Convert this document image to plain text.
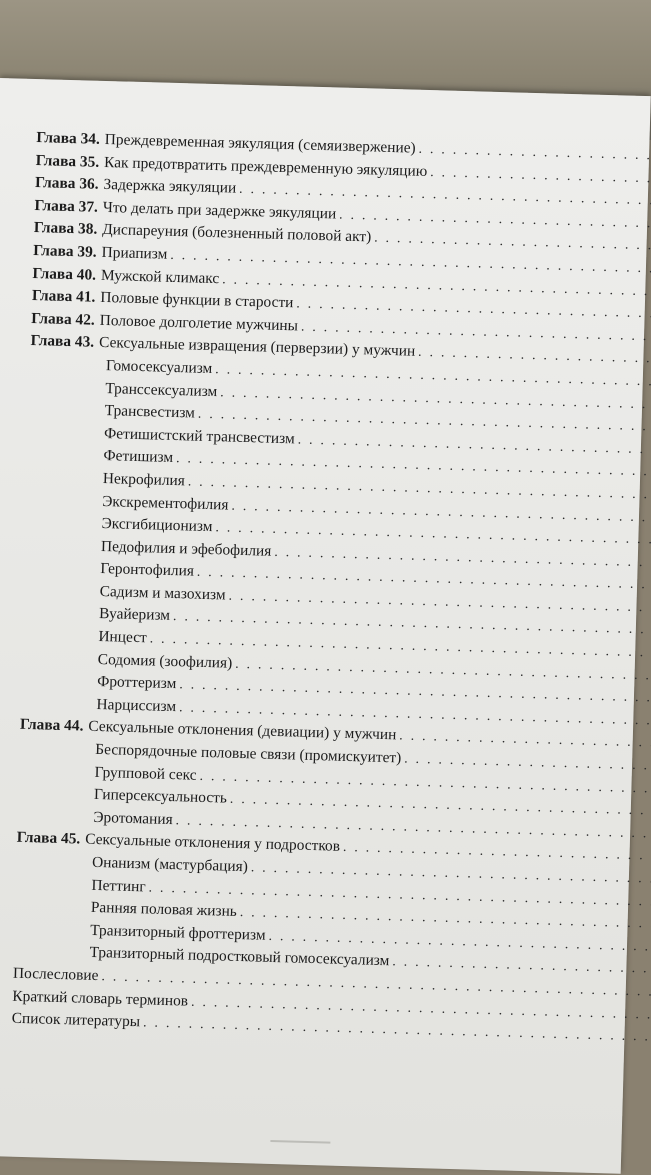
Глава 34. Преждевременная эякуляция (семяизвержение)
. . .
Глава 35. Как предотвратить преждевременную эякуляцию
. . .
Глава 36. Задержка эякуляции
. . .
Глава 37. Что делать при задержке эякуляции
. . .
Глава 38. Диспареуния (болезненный половой акт)
. . .
Глава 39. Приапизм
. . .
Глава 40. Мужской климакс
. . .
Глава 41. Половые функции в старости
. . .
Глава 42. Половое долголетие мужчины
. . .
Глава 43. Сексуальные извращения (перверзии) у мужчин
. . .
Гомосексуализм
. . .
Транссексуализм
. . .
Трансвестизм
. . .
Фетишистский трансвестизм
. . .
Фетишизм
. . .
Некрофилия
. . .
Экскрементофилия
. . .
Эксгибиционизм
. . .
Педофилия и эфебофилия
. . .
Геронтофилия
. . .
Садизм и мазохизм
. . .
Вуайеризм
. . .
Инцест
. . .
Содомия (зоофилия)
. . .
Фроттеризм
. . .
Нарциссизм
. . .
Глава 44. Сексуальные отклонения (девиации) у мужчин
. . .
Беспорядочные половые связи (промискуитет)
. . .
Групповой секс
. . .
Гиперсексуальность
. . .
Эротомания
. . .
Глава 45. Сексуальные отклонения у подростков
. . .
Онанизм (мастурбация)
. . .
Петтинг
. . .
Ранняя половая жизнь
. . .
Транзиторный фроттеризм
. . .
Транзиторный подростковый гомосексуализм
. . .
Послесловие
. . .
Краткий словарь терминов
. . .
Список литературы
. . .
